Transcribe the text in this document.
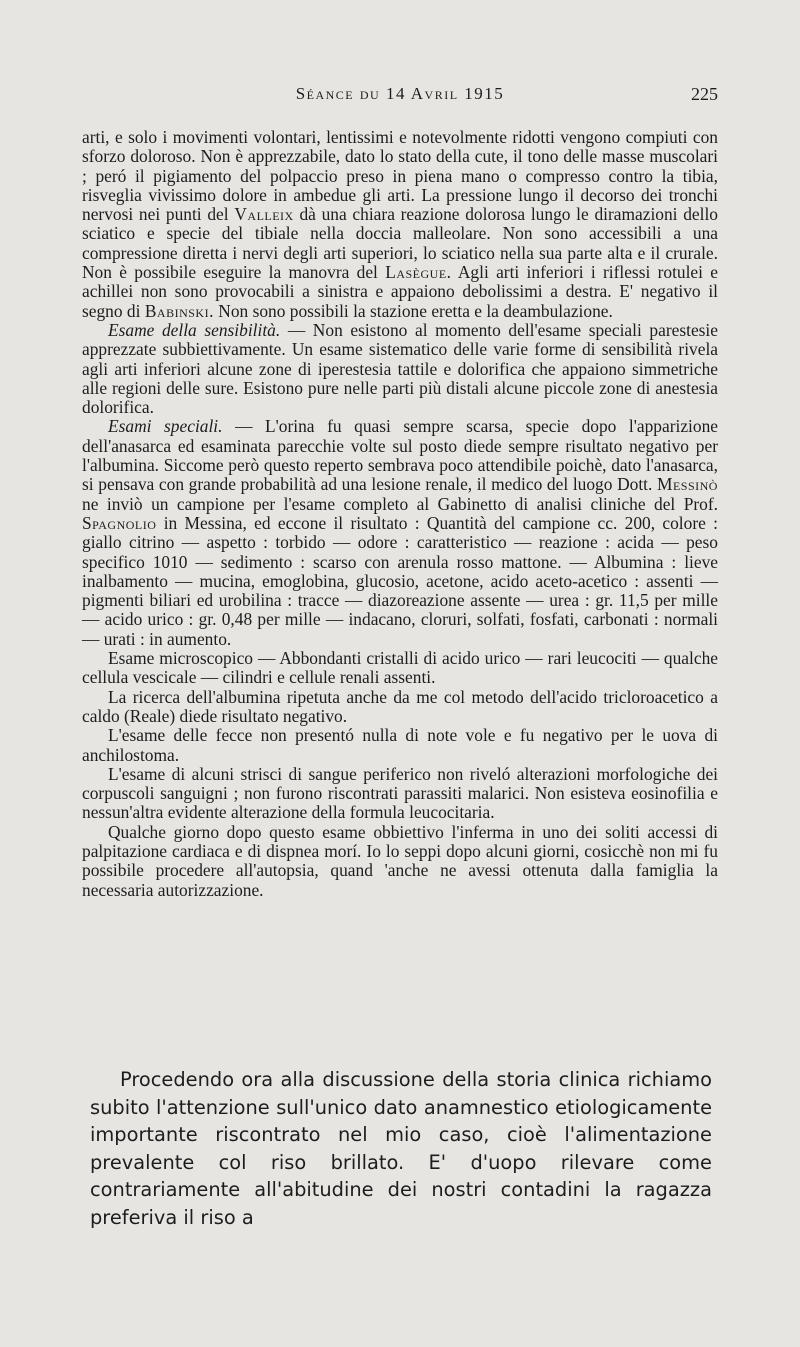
Séance du 14 Avril 1915	225

arti, e solo i movimenti volontari, lentissimi e notevolmente ridotti vengono compiuti con sforzo doloroso. Non è apprezzabile, dato lo stato della cute, il tono delle masse muscolari ; peró il pigiamento del polpaccio preso in piena mano o compresso contro la tibia, risveglia vivissimo dolore in ambedue gli arti. La pressione lungo il decorso dei tronchi nervosi nei punti del Valleix dà una chiara reazione dolorosa lungo le diramazioni dello sciatico e specie del tibiale nella doccia malleolare. Non sono accessibili a una compressione diretta i nervi degli arti superiori, lo sciatico nella sua parte alta e il crurale. Non è possibile eseguire la manovra del Lasègue. Agli arti inferiori i riflessi rotulei e achillei non sono provocabili a sinistra e appaiono debolissimi a destra. E' negativo il segno di Babinski. Non sono possibili la stazione eretta e la deambulazione.

Esame della sensibilità. — Non esistono al momento dell'esame speciali parestesie apprezzate subbiettivamente. Un esame sistematico delle varie forme di sensibilità rivela agli arti inferiori alcune zone di iperestesia tattile e dolorifica che appaiono simmetriche alle regioni delle sure. Esistono pure nelle parti più distali alcune piccole zone di anestesia dolorifica.

Esami speciali. — L'orina fu quasi sempre scarsa, specie dopo l'apparizione dell'anasarca ed esaminata parecchie volte sul posto diede sempre risultato negativo per l'albumina. Siccome però questo reperto sembrava poco attendibile poichè, dato l'anasarca, si pensava con grande probabilità ad una lesione renale, il medico del luogo Dott. Messinò ne inviò un campione per l'esame completo al Gabinetto di analisi cliniche del Prof. Spagnolio in Messina, ed eccone il risultato : Quantità del campione cc. 200, colore : giallo citrino — aspetto : torbido — odore : caratteristico — reazione : acida — peso specifico 1010 — sedimento : scarso con arenula rosso mattone. — Albumina : lieve inalbamento — mucina, emoglobina, glucosio, acetone, acido aceto-acetico : assenti — pigmenti biliari ed urobilina : tracce — diazoreazione assente — urea : gr. 11,5 per mille — acido urico : gr. 0,48 per mille — indacano, cloruri, solfati, fosfati, carbonati : normali — urati : in aumento.

Esame microscopico — Abbondanti cristalli di acido urico — rari leucociti — qualche cellula vescicale — cilindri e cellule renali assenti.

La ricerca dell'albumina ripetuta anche da me col metodo dell'acido tricloroacetico a caldo (Reale) diede risultato negativo.

L'esame delle fecce non presentó nulla di note vole e fu negativo per le uova di anchilostoma.

L'esame di alcuni strisci di sangue periferico non riveló alterazioni morfologiche dei corpuscoli sanguigni ; non furono riscontrati parassiti malarici. Non esisteva eosinofilia e nessun'altra evidente alterazione della formula leucocitaria.

Qualche giorno dopo questo esame obbiettivo l'inferma in uno dei soliti accessi di palpitazione cardiaca e di dispnea morí. Io lo seppi dopo alcuni giorni, cosicchè non mi fu possibile procedere all'autopsia, quand 'anche ne avessi ottenuta dalla famiglia la necessaria autorizzazione.

Procedendo ora alla discussione della storia clinica richiamo subito l'attenzione sull'unico dato anamnestico etiologicamente importante riscontrato nel mio caso, cioè l'alimentazione prevalente col riso brillato. E' d'uopo rilevare come contrariamente all'abitudine dei nostri contadini la ragazza preferiva il riso a
